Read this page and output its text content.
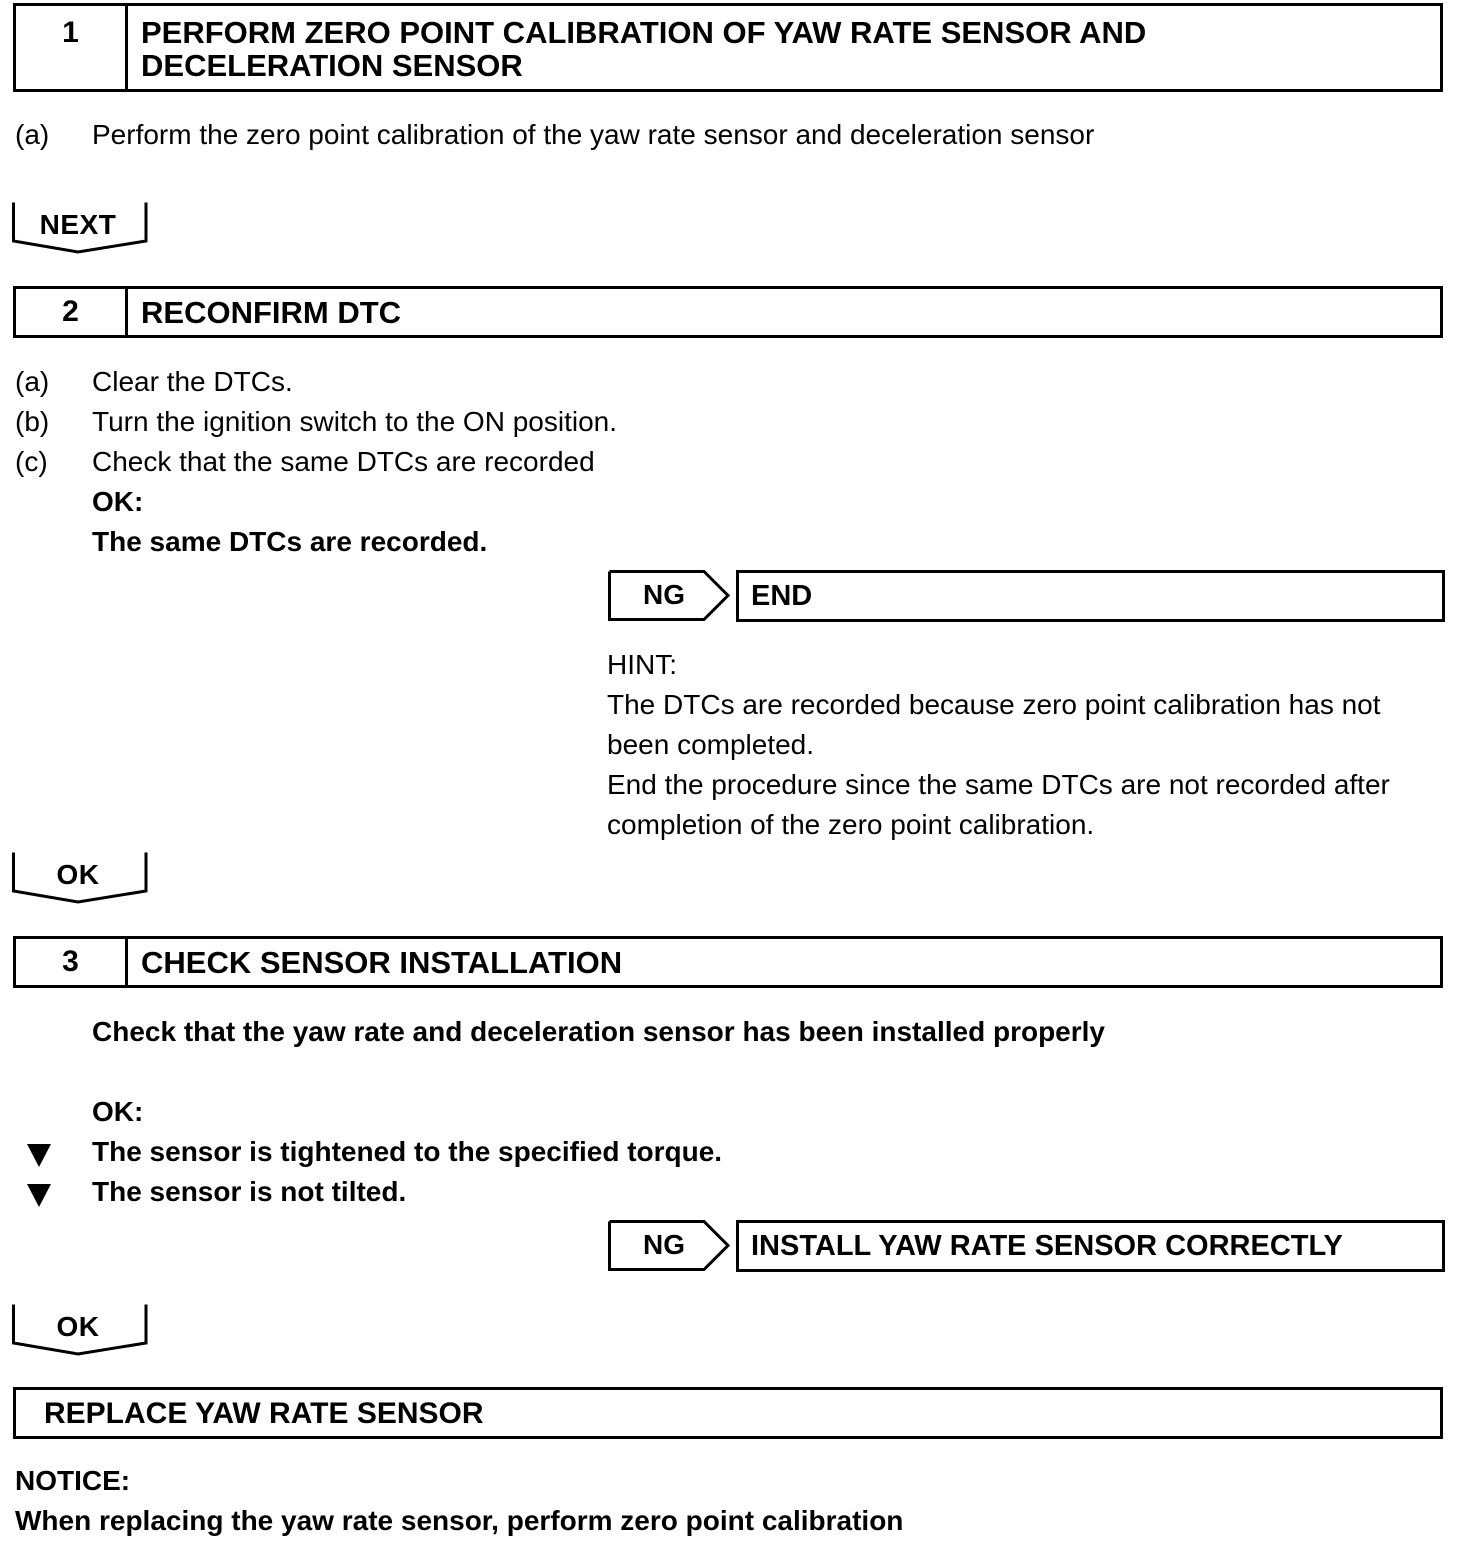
1	PERFORM ZERO POINT CALIBRATION OF YAW RATE SENSOR AND
DECELERATION SENSOR
(a) Perform the zero point calibration of the yaw rate sensor and deceleration sensor
NEXT
2	RECONFIRM DTC
(a) Clear the DTCs.
(b) Turn the ignition switch to the ON position.
(c) Check that the same DTCs are recorded
OK:
The same DTCs are recorded.
NG	END
HINT:
The DTCs are recorded because zero point calibration has not
been completed.
End the procedure since the same DTCs are not recorded after
completion of the zero point calibration.
OK
3	CHECK SENSOR INSTALLATION
Check that the yaw rate and deceleration sensor has been installed properly
OK:
The sensor is tightened to the specified torque.
The sensor is not tilted.
NG	INSTALL YAW RATE SENSOR CORRECTLY
OK
REPLACE YAW RATE SENSOR
NOTICE:
When replacing the yaw rate sensor, perform zero point calibration
